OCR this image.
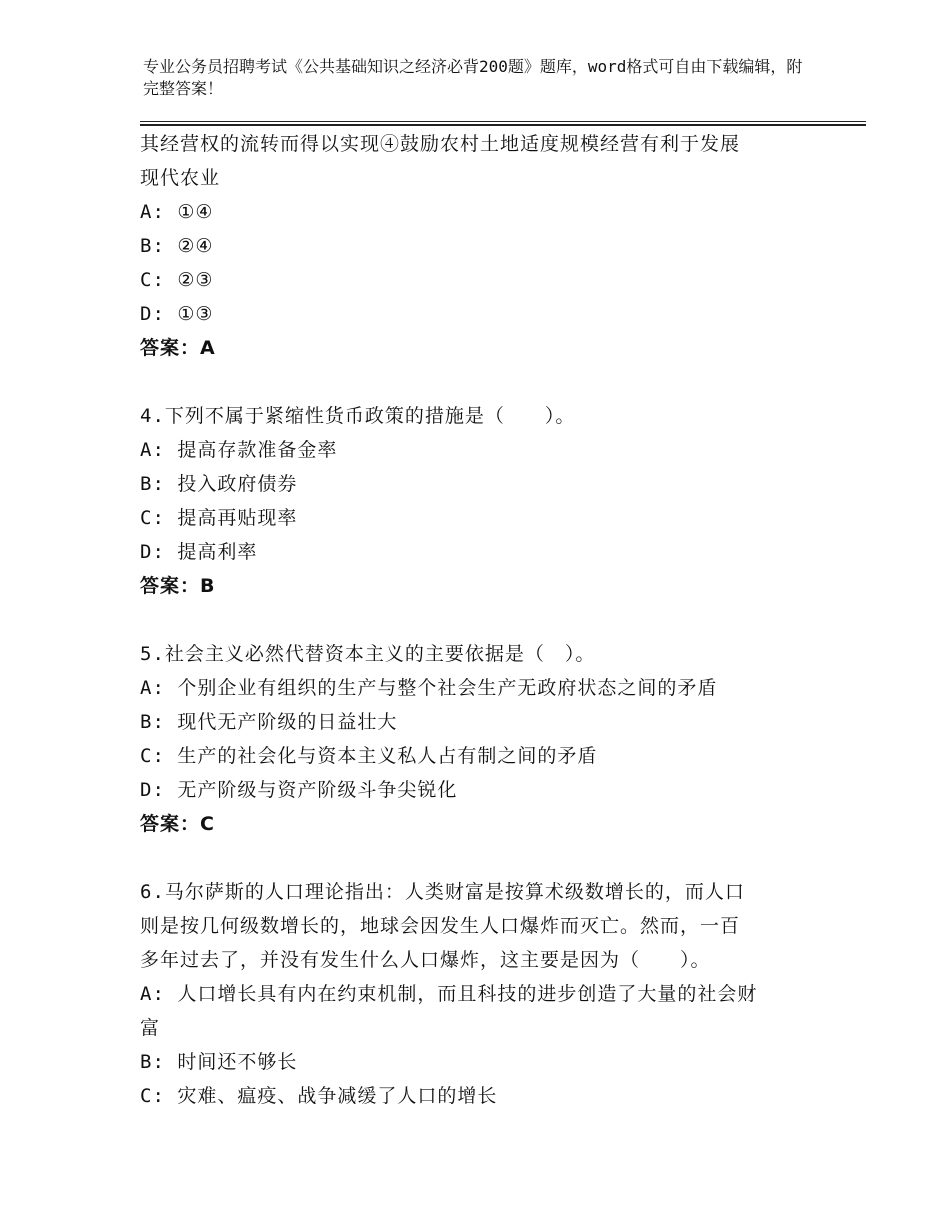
专业公务员招聘考试《公共基础知识之经济必背200题》题库，word格式可自由下载编辑，附完整答案！
其经营权的流转而得以实现④鼓励农村土地适度规模经营有利于发展
现代农业
A: ①④
B: ②④
C: ②③
D: ①③
答案：A
4.下列不属于紧缩性货币政策的措施是（　　）。
A: 提高存款准备金率
B: 投入政府债券
C: 提高再贴现率
D: 提高利率
答案：B
5.社会主义必然代替资本主义的主要依据是（　）。
A: 个别企业有组织的生产与整个社会生产无政府状态之间的矛盾
B: 现代无产阶级的日益壮大
C: 生产的社会化与资本主义私人占有制之间的矛盾
D: 无产阶级与资产阶级斗争尖锐化
答案：C
6.马尔萨斯的人口理论指出：人类财富是按算术级数增长的，而人口
则是按几何级数增长的，地球会因发生人口爆炸而灭亡。然而，一百
多年过去了，并没有发生什么人口爆炸，这主要是因为（　　）。
A: 人口增长具有内在约束机制，而且科技的进步创造了大量的社会财
富
B: 时间还不够长
C: 灾难、瘟疫、战争减缓了人口的增长
